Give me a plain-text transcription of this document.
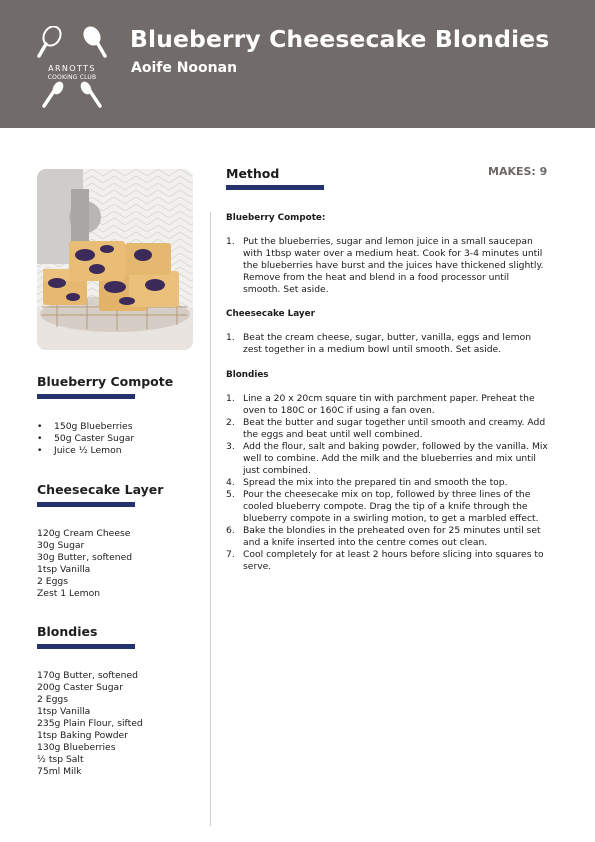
ARNOTTS
COOKING CLUB
Blueberry Cheesecake Blondies
Aoife Noonan
Blueberry Compote
• 150g Blueberries
• 50g Caster Sugar
• Juice ½ Lemon
Cheesecake Layer
120g Cream Cheese
30g Sugar
30g Butter, softened
1tsp Vanilla
2 Eggs
Zest 1 Lemon
Blondies
170g Butter, softened
200g Caster Sugar
2 Eggs
1tsp Vanilla
235g Plain Flour, sifted
1tsp Baking Powder
130g Blueberries
½ tsp Salt
75ml Milk
Method	MAKES: 9
Blueberry Compote:
1. Put the blueberries, sugar and lemon juice in a small saucepan with 1tbsp water over a medium heat. Cook for 3-4 minutes until the blueberries have burst and the juices have thickened slightly. Remove from the heat and blend in a food processor until smooth. Set aside.
Cheesecake Layer
1. Beat the cream cheese, sugar, butter, vanilla, eggs and lemon zest together in a medium bowl until smooth. Set aside.
Blondies
1. Line a 20 x 20cm square tin with parchment paper. Preheat the oven to 180C or 160C if using a fan oven.
2. Beat the butter and sugar together until smooth and creamy. Add the eggs and beat until well combined.
3. Add the flour, salt and baking powder, followed by the vanilla. Mix well to combine. Add the milk and the blueberries and mix until just combined.
4. Spread the mix into the prepared tin and smooth the top.
5. Pour the cheesecake mix on top, followed by three lines of the cooled blueberry compote. Drag the tip of a knife through the blueberry compote in a swirling motion, to get a marbled effect.
6. Bake the blondies in the preheated oven for 25 minutes until set and a knife inserted into the centre comes out clean.
7. Cool completely for at least 2 hours before slicing into squares to serve.
